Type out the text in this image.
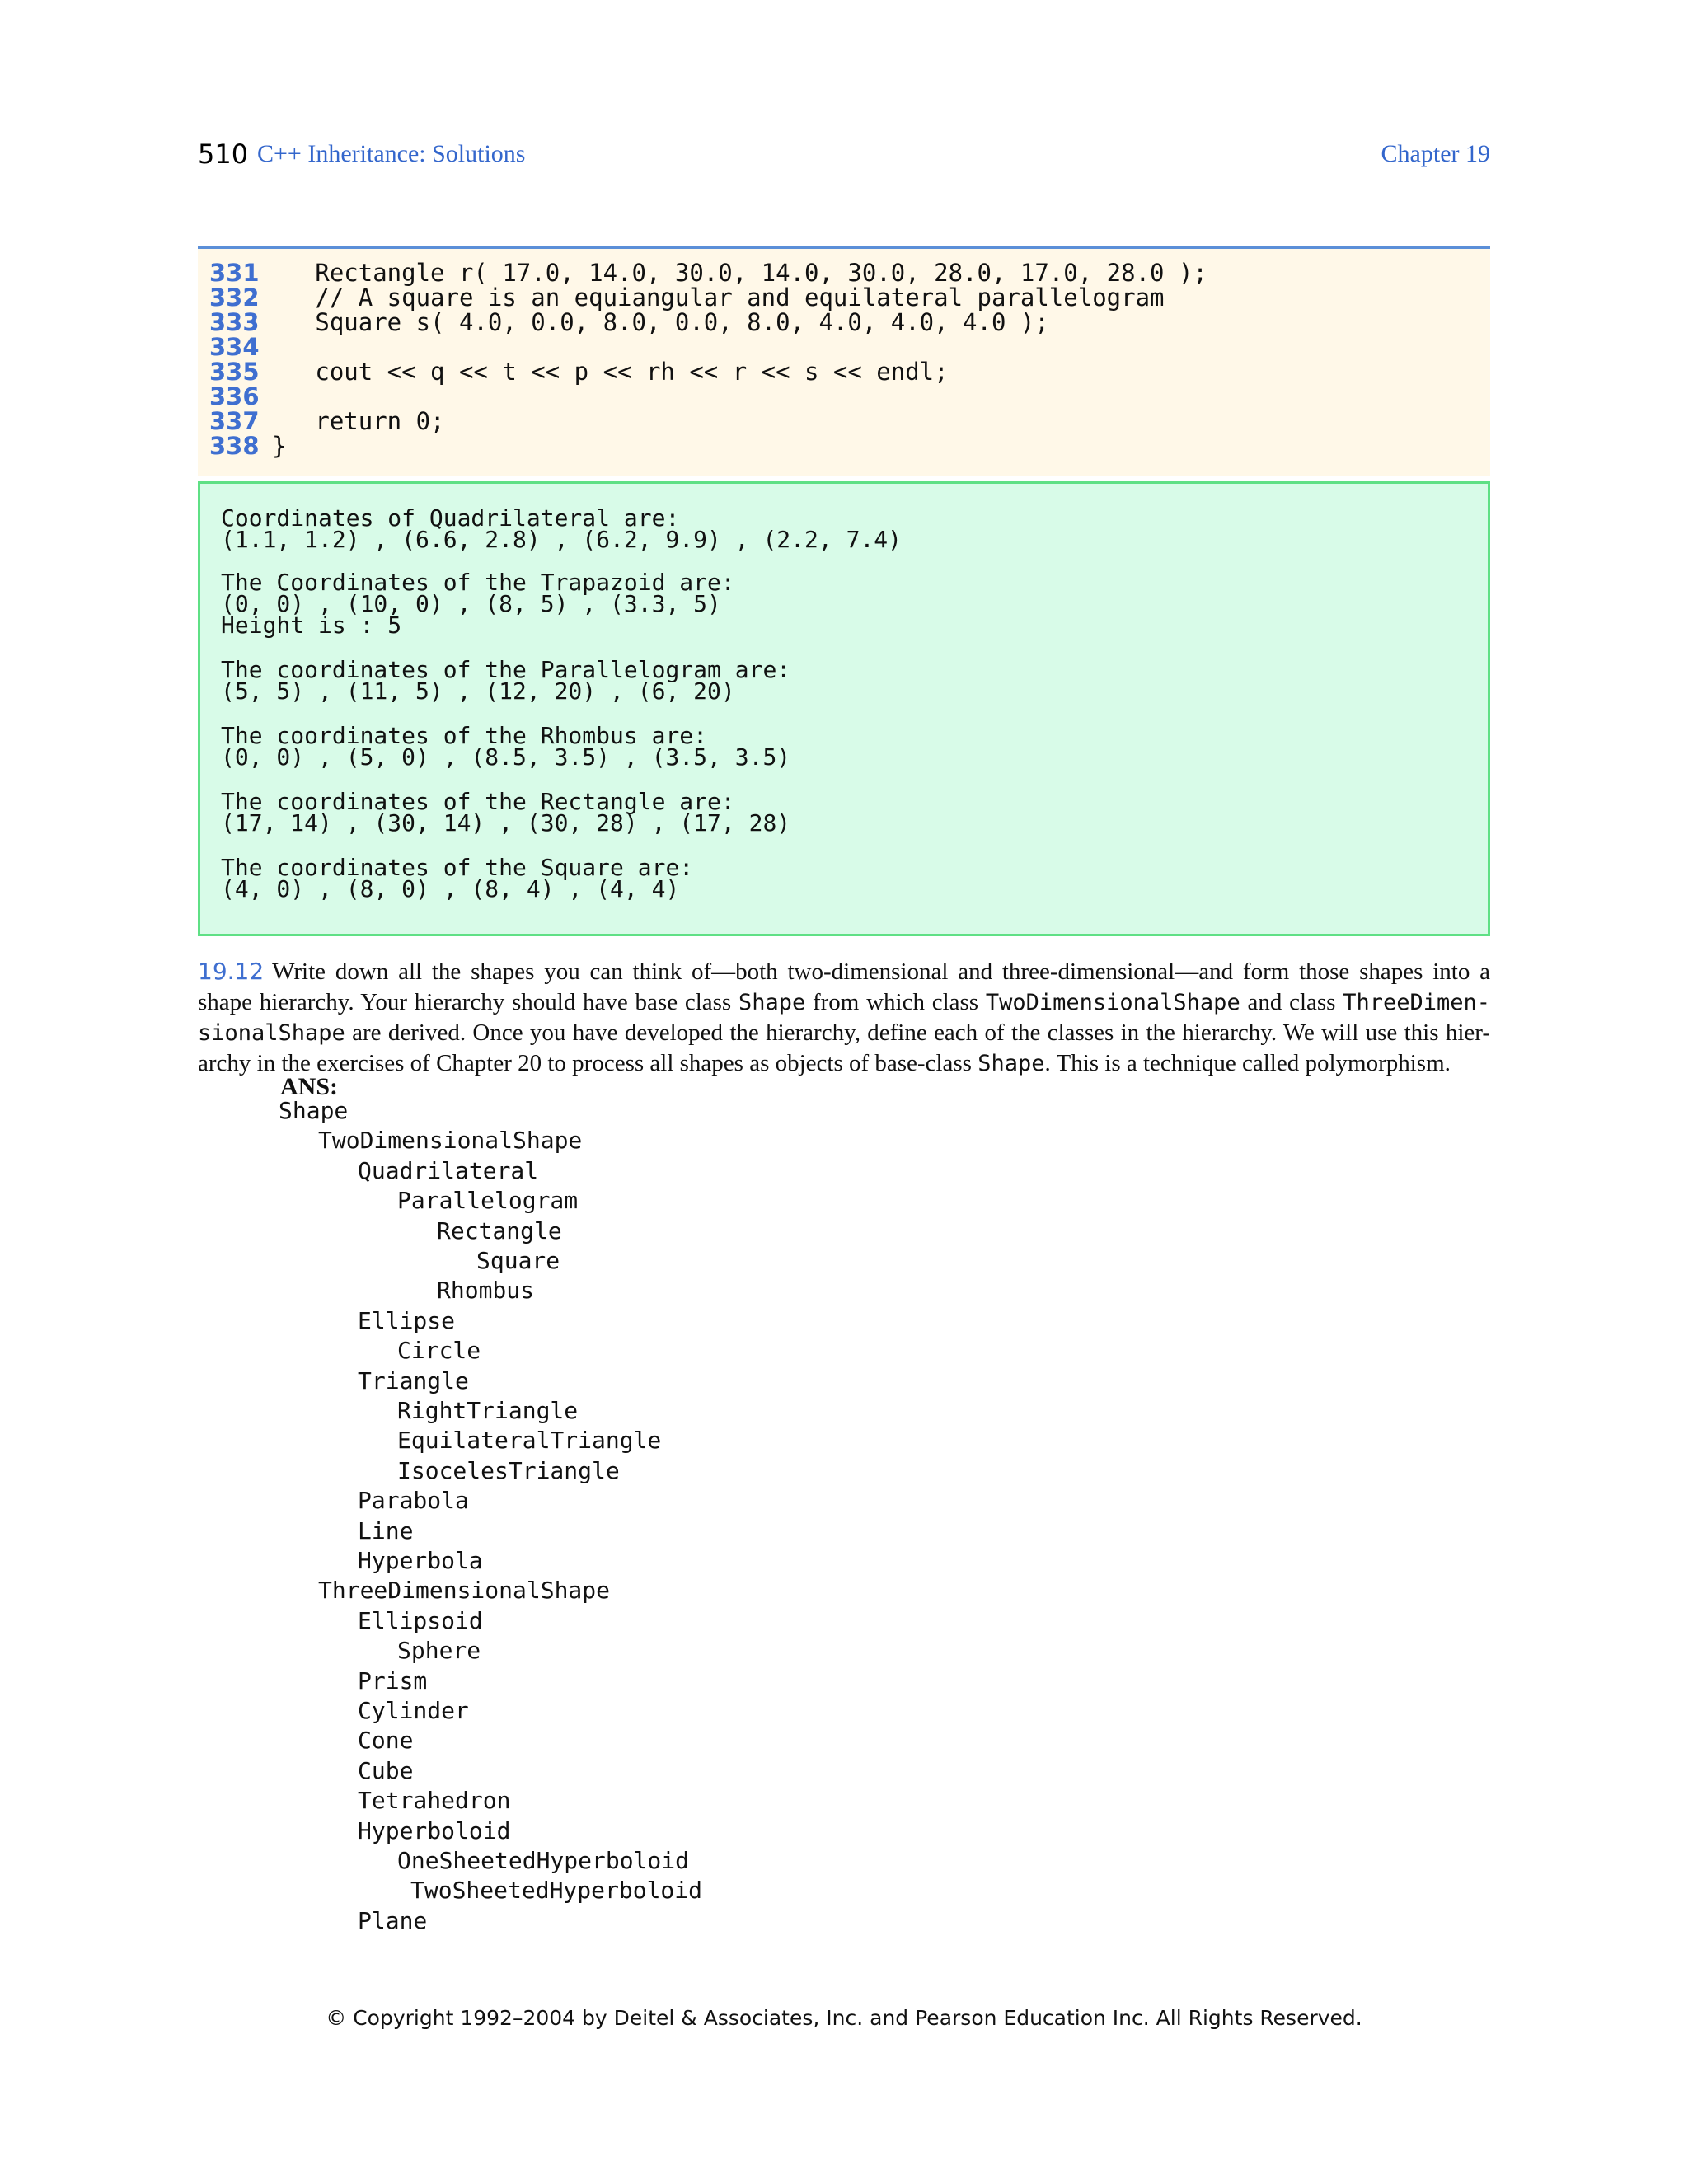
510 C++ Inheritance: Solutions	Chapter 19
331 Rectangle r( 17.0, 14.0, 30.0, 14.0, 30.0, 28.0, 17.0, 28.0 );
332 // A square is an equiangular and equilateral parallelogram
333 Square s( 4.0, 0.0, 8.0, 0.0, 8.0, 4.0, 4.0, 4.0 );
334
335 cout << q << t << p << rh << r << s << endl;
336
337 return 0;
338 }
Coordinates of Quadrilateral are:
(1.1, 1.2) , (6.6, 2.8) , (6.2, 9.9) , (2.2, 7.4)
The Coordinates of the Trapazoid are:
(0, 0) , (10, 0) , (8, 5) , (3.3, 5)
Height is : 5
The coordinates of the Parallelogram are:
(5, 5) , (11, 5) , (12, 20) , (6, 20)
The coordinates of the Rhombus are:
(0, 0) , (5, 0) , (8.5, 3.5) , (3.5, 3.5)
The coordinates of the Rectangle are:
(17, 14) , (30, 14) , (30, 28) , (17, 28)
The coordinates of the Square are:
(4, 0) , (8, 0) , (8, 4) , (4, 4)
19.12 Write down all the shapes you can think of—both two-dimensional and three-dimensional—and form those shapes into a shape hierarchy. Your hierarchy should have base class Shape from which class TwoDimensionalShape and class ThreeDimen-sionalShape are derived. Once you have developed the hierarchy, define each of the classes in the hierarchy. We will use this hier-archy in the exercises of Chapter 20 to process all shapes as objects of base-class Shape. This is a technique called polymorphism.
ANS:
Shape
TwoDimensionalShape
Quadrilateral
Parallelogram
Rectangle
Square
Rhombus
Ellipse
Circle
Triangle
RightTriangle
EquilateralTriangle
IsocelesTriangle
Parabola
Line
Hyperbola
ThreeDimensionalShape
Ellipsoid
Sphere
Prism
Cylinder
Cone
Cube
Tetrahedron
Hyperboloid
OneSheetedHyperboloid
TwoSheetedHyperboloid
Plane
© Copyright 1992–2004 by Deitel & Associates, Inc. and Pearson Education Inc. All Rights Reserved.
